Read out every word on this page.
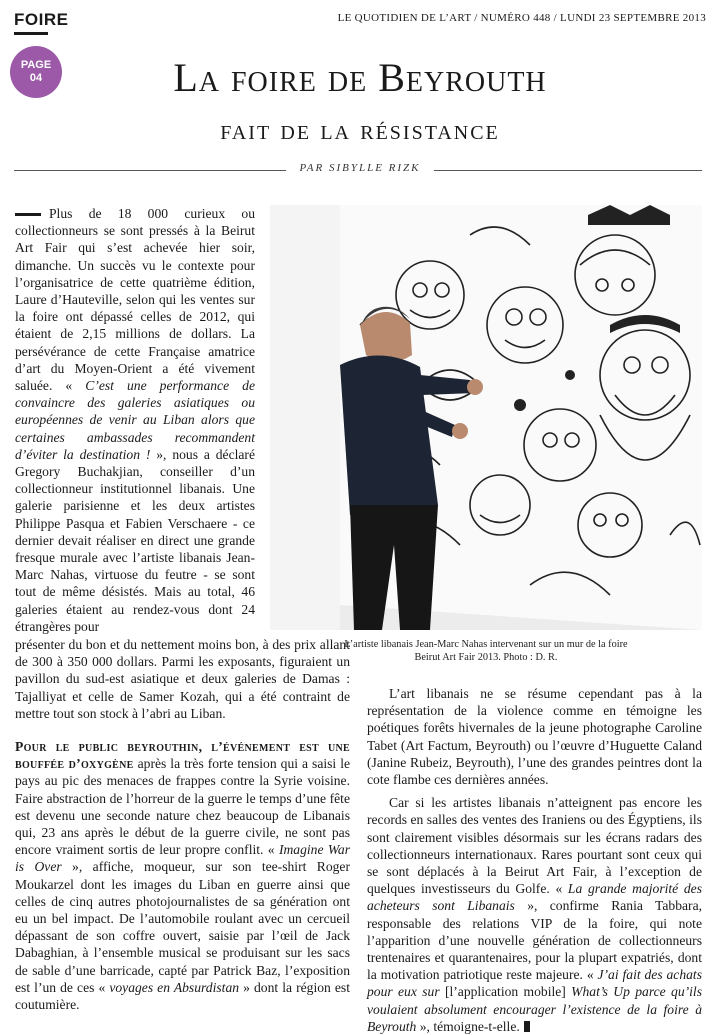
FOIRE	LE QUOTIDIEN DE L’ART / NUMÉRO 448 / LUNDI 23 SEPTEMBRE 2013
PAGE
04	La foire de Beyrouth
fait de la résistance
PAR SIBYLLE RIZK

Plus de 18 000 curieux ou collectionneurs se sont pressés à la Beirut Art Fair qui s’est achevée hier soir, dimanche. Un succès vu le contexte pour l’organisatrice de cette quatrième édition, Laure d’Hauteville, selon qui les ventes sur la foire ont dépassé celles de 2012, qui étaient de 2,15 millions de dollars. La persévérance de cette Française amatrice d’art du Moyen-Orient a été vivement saluée. « C’est une performance de convaincre des galeries asiatiques ou européennes de venir au Liban alors que certaines ambassades recommandent d’éviter la destination ! », nous a déclaré Gregory Buchakjian, conseiller d’un collectionneur institutionnel libanais. Une galerie parisienne et les deux artistes Philippe Pasqua et Fabien Verschaere - ce dernier devait réaliser en direct une grande fresque murale avec l’artiste libanais Jean-Marc Nahas, virtuose du feutre - se sont tout de même désistés. Mais au total, 46 galeries étaient au rendez-vous dont 24 étrangères pour

L’artiste libanais Jean-Marc Nahas intervenant sur un mur de la foire
Beirut Art Fair 2013. Photo : D. R.

présenter du bon et du nettement moins bon, à des prix allant de 300 à 350 000 dollars. Parmi les exposants, figuraient un pavillon du sud-est asiatique et deux galeries de Damas : Tajalliyat et celle de Samer Kozah, qui a été contraint de mettre tout son stock à l’abri au Liban.

Pour le public beyrouthin, l’événement est une bouffée d’oxygène après la très forte tension qui a saisi le pays au pic des menaces de frappes contre la Syrie voisine. Faire abstraction de l’horreur de la guerre le temps d’une fête est devenu une seconde nature chez beaucoup de Libanais qui, 23 ans après le début de la guerre civile, ne sont pas encore vraiment sortis de leur propre conflit. « Imagine War is Over », affiche, moqueur, sur son tee-shirt Roger Moukarzel dont les images du Liban en guerre ainsi que celles de cinq autres photojournalistes de sa génération ont eu un bel impact. De l’automobile roulant avec un cercueil dépassant de son coffre ouvert, saisie par l’œil de Jack Dabaghian, à l’ensemble musical se produisant sur les sacs de sable d’une barricade, capté par Patrick Baz, l’exposition est l’un de ces « voyages en Absurdistan » dont la région est coutumière.

L’art libanais ne se résume cependant pas à la représentation de la violence comme en témoigne les poétiques forêts hivernales de la jeune photographe Caroline Tabet (Art Factum, Beyrouth) ou l’œuvre d’Huguette Caland (Janine Rubeiz, Beyrouth), l’une des grandes peintres dont la cote flambe ces dernières années.

Car si les artistes libanais n’atteignent pas encore les records en salles des ventes des Iraniens ou des Égyptiens, ils sont clairement visibles désormais sur les écrans radars des collectionneurs internationaux. Rares pourtant sont ceux qui se sont déplacés à la Beirut Art Fair, à l’exception de quelques investisseurs du Golfe. « La grande majorité des acheteurs sont Libanais », confirme Rania Tabbara, responsable des relations VIP de la foire, qui note l’apparition d’une nouvelle génération de collectionneurs trentenaires et quarantenaires, pour la plupart expatriés, dont la motivation patriotique reste majeure. « J’ai fait des achats pour eux sur [l’application mobile] What’s Up parce qu’ils voulaient absolument encourager l’existence de la foire à Beyrouth », témoigne-t-elle.
